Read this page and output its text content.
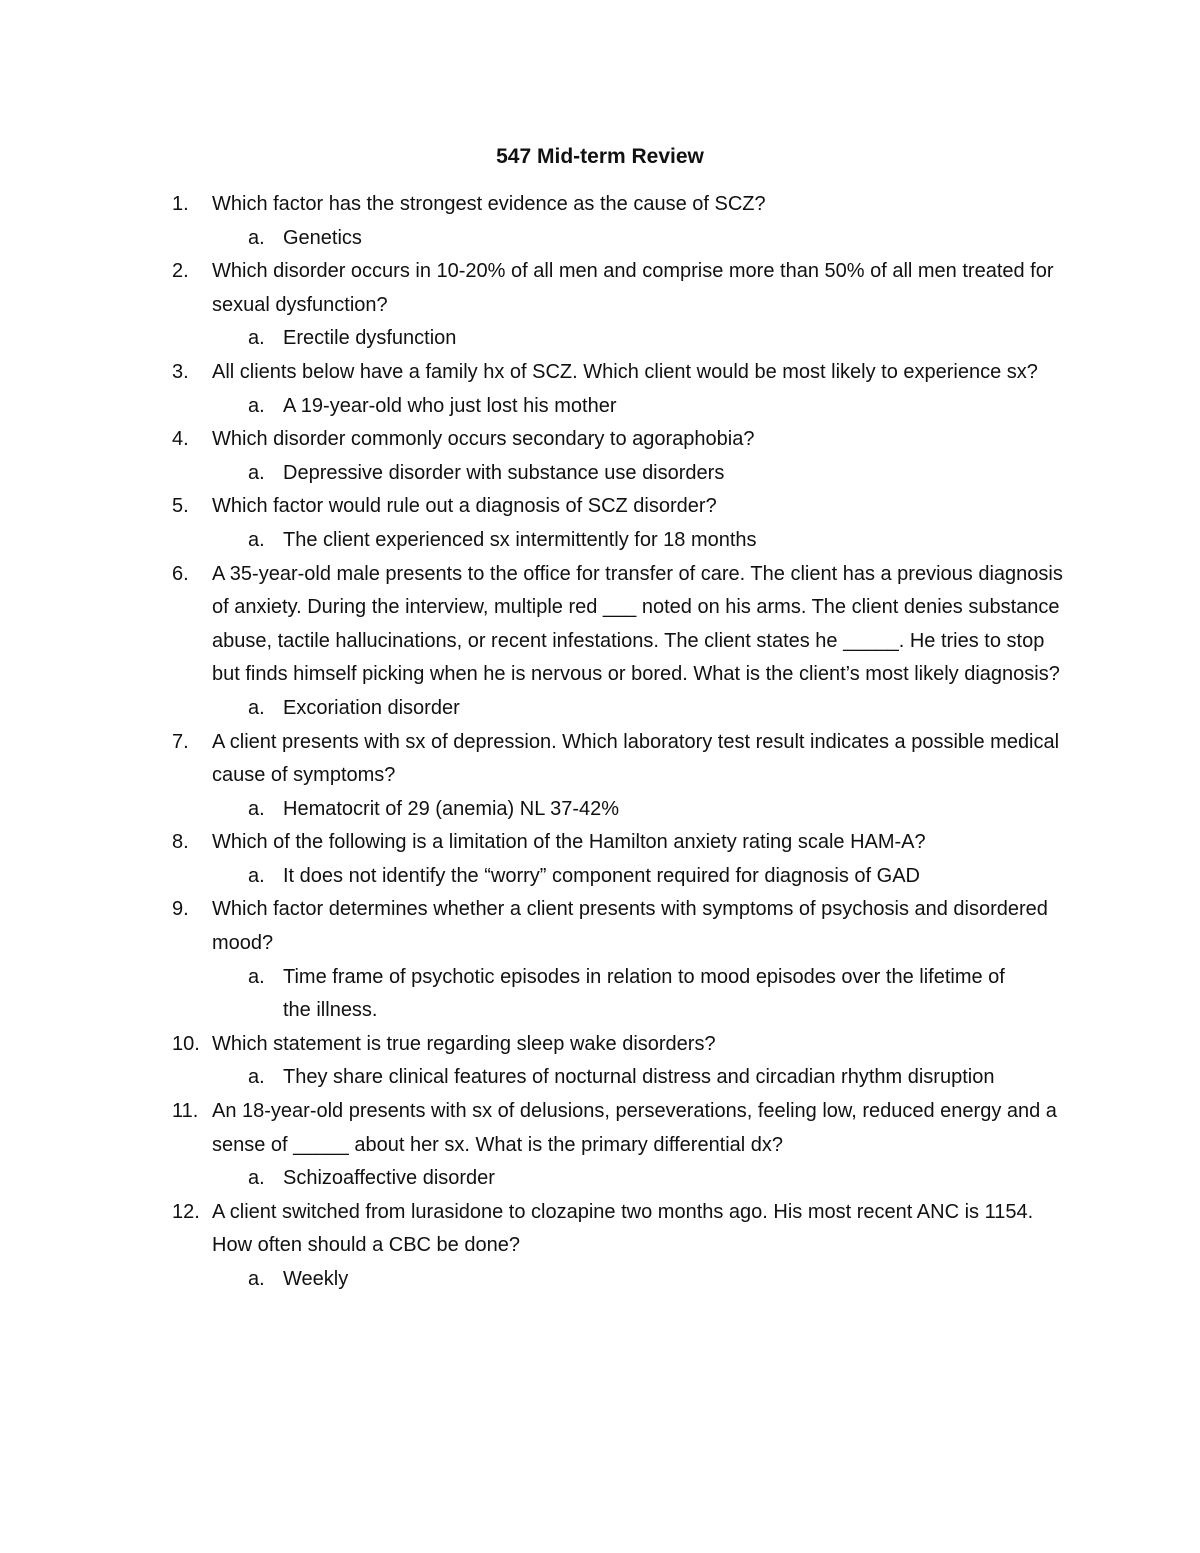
547 Mid-term Review
1. Which factor has the strongest evidence as the cause of SCZ?
a. Genetics
2. Which disorder occurs in 10-20% of all men and comprise more than 50% of all men treated for sexual dysfunction?
a. Erectile dysfunction
3. All clients below have a family hx of SCZ. Which client would be most likely to experience sx?
a. A 19-year-old who just lost his mother
4. Which disorder commonly occurs secondary to agoraphobia?
a. Depressive disorder with substance use disorders
5. Which factor would rule out a diagnosis of SCZ disorder?
a. The client experienced sx intermittently for 18 months
6. A 35-year-old male presents to the office for transfer of care. The client has a previous diagnosis of anxiety. During the interview, multiple red ___ noted on his arms. The client denies substance abuse, tactile hallucinations, or recent infestations. The client states he _____. He tries to stop but finds himself picking when he is nervous or bored. What is the client’s most likely diagnosis?
a. Excoriation disorder
7. A client presents with sx of depression. Which laboratory test result indicates a possible medical cause of symptoms?
a. Hematocrit of 29 (anemia) NL 37-42%
8. Which of the following is a limitation of the Hamilton anxiety rating scale HAM-A?
a. It does not identify the “worry” component required for diagnosis of GAD
9. Which factor determines whether a client presents with symptoms of psychosis and disordered mood?
a. Time frame of psychotic episodes in relation to mood episodes over the lifetime of the illness.
10. Which statement is true regarding sleep wake disorders?
a. They share clinical features of nocturnal distress and circadian rhythm disruption
11. An 18-year-old presents with sx of delusions, perseverations, feeling low, reduced energy and a sense of _____ about her sx. What is the primary differential dx?
a. Schizoaffective disorder
12. A client switched from lurasidone to clozapine two months ago. His most recent ANC is 1154. How often should a CBC be done?
a. Weekly
